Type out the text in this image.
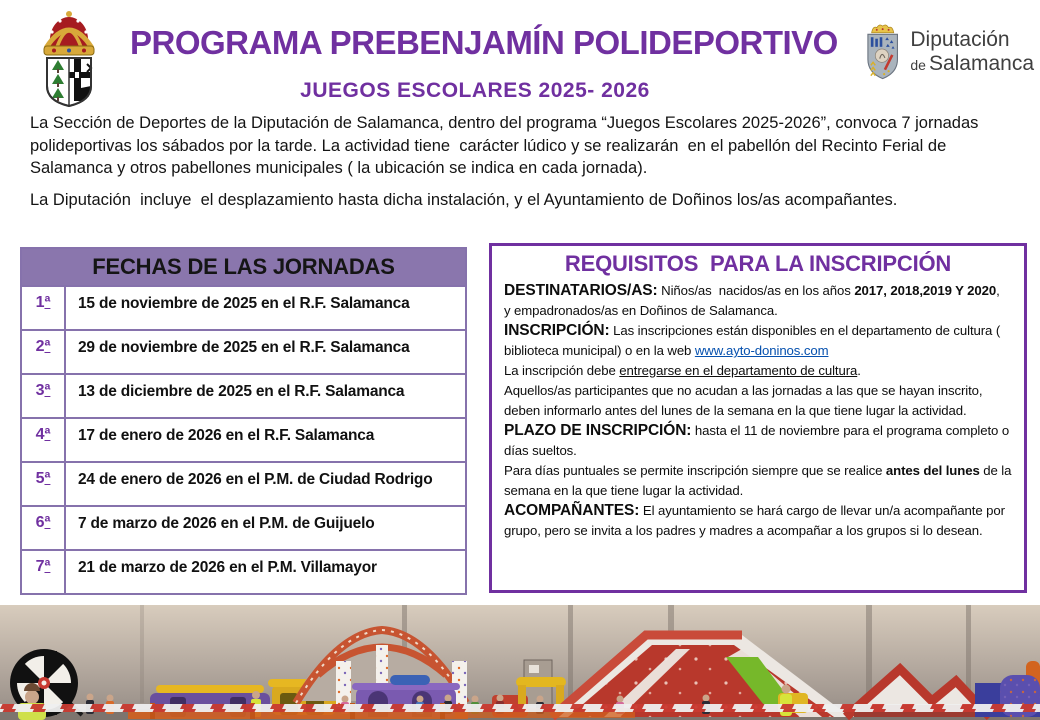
PROGRAMA PREBENJAMÍN POLIDEPORTIVO
JUEGOS ESCOLARES 2025- 2026
Diputación
de Salamanca

La Sección de Deportes de la Diputación de Salamanca, dentro del programa “Juegos Escolares 2025-2026”, convoca 7 jornadas polideportivas los sábados por la tarde. La actividad tiene  carácter lúdico y se realizarán  en el pabellón del Recinto Ferial de Salamanca y otros pabellones municipales ( la ubicación se indica en cada jornada).

La Diputación  incluye  el desplazamiento hasta dicha instalación, y el Ayuntamiento de Doñinos los/as acompañantes.

FECHAS DE LAS JORNADAS
1ª	15 de noviembre de 2025 en el R.F. Salamanca
2ª	29 de noviembre de 2025 en el R.F. Salamanca
3ª	13 de diciembre de 2025 en el R.F. Salamanca
4ª	17 de enero de 2026 en el R.F. Salamanca
5ª	24 de enero de 2026 en el P.M. de Ciudad Rodrigo
6ª	7 de marzo de 2026 en el P.M. de Guijuelo
7ª	21 de marzo de 2026 en el P.M. Villamayor
REQUISITOS  PARA LA INSCRIPCIÓN

DESTINATARIOS/AS: Niños/as  nacidos/as en los años 2017, 2018,2019 Y 2020,  y empadronados/as en Doñinos de Salamanca.

INSCRIPCIÓN: Las inscripciones están disponibles en el departamento de cultura ( biblioteca municipal) o en la web www.ayto-doninos.com

La inscripción debe entregarse en el departamento de cultura.

Aquellos/as participantes que no acudan a las jornadas a las que se hayan inscrito, deben informarlo antes del lunes de la semana en la que tiene lugar la actividad.

PLAZO DE INSCRIPCIÓN: hasta el 11 de noviembre para el programa completo o días sueltos.

Para días puntuales se permite inscripción siempre que se realice antes del lunes de la semana en la que tiene lugar la actividad.

ACOMPAÑANTES: El ayuntamiento se hará cargo de llevar un/a acompañante por grupo, pero se invita a los padres y madres a acompañar a los grupos si lo desean.
